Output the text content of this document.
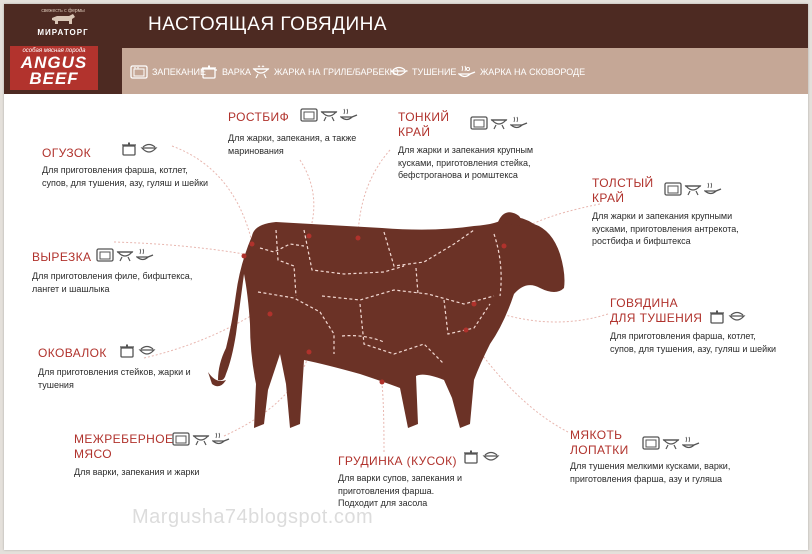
НАСТОЯЩАЯ ГОВЯДИНА
ЗАПЕКАНИЕ ВАРКА	ЖАРКА НА ГРИЛЕ/БАРБЕКЮ ТУШЕНИЕ	ЖАРКА НА СКОВОРОДЕ
свежесть с фермы
МИРАТОРГ
особая мясная порода
ANGUS
BEEF
РОСТБИФ
Для жарки, запекания, а также
маринования
ТОНКИЙ
КРАЙ
Для жарки и запекания крупным
кусками, приготовления стейка,
бефстроганова и ромштекса
ОГУЗОК
Для приготовления фарша, котлет,
супов, для тушения, азу, гуляш и шейки	ТОЛСТЫЙ
КРАЙ
Для жарки и запекания крупными
кусками, приготовления антрекота,
ростбифа и бифштекса
ВЫРЕЗКА
Для приготовления филе, бифштекса,
лангет и шашлыка
ГОВЯДИНА
ДЛЯ ТУШЕНИЯ
Для приготовления фарша, котлет,
супов, для тушения, азу, гуляш и шейки
ОКОВАЛОК
Для приготовления стейков, жарки и
тушения
МЕЖРЕБЕРНОЕ
МЯСО
Для варки, запекания и жарки
ГРУДИНКА (КУСОК)
Для варки супов, запекания и
приготовления фарша.
Подходит для засола
МЯКОТЬ
ЛОПАТКИ
Для тушения мелкими кусками, варки,
приготовления фарша, азу и гуляша
Margusha74blogspot.com
